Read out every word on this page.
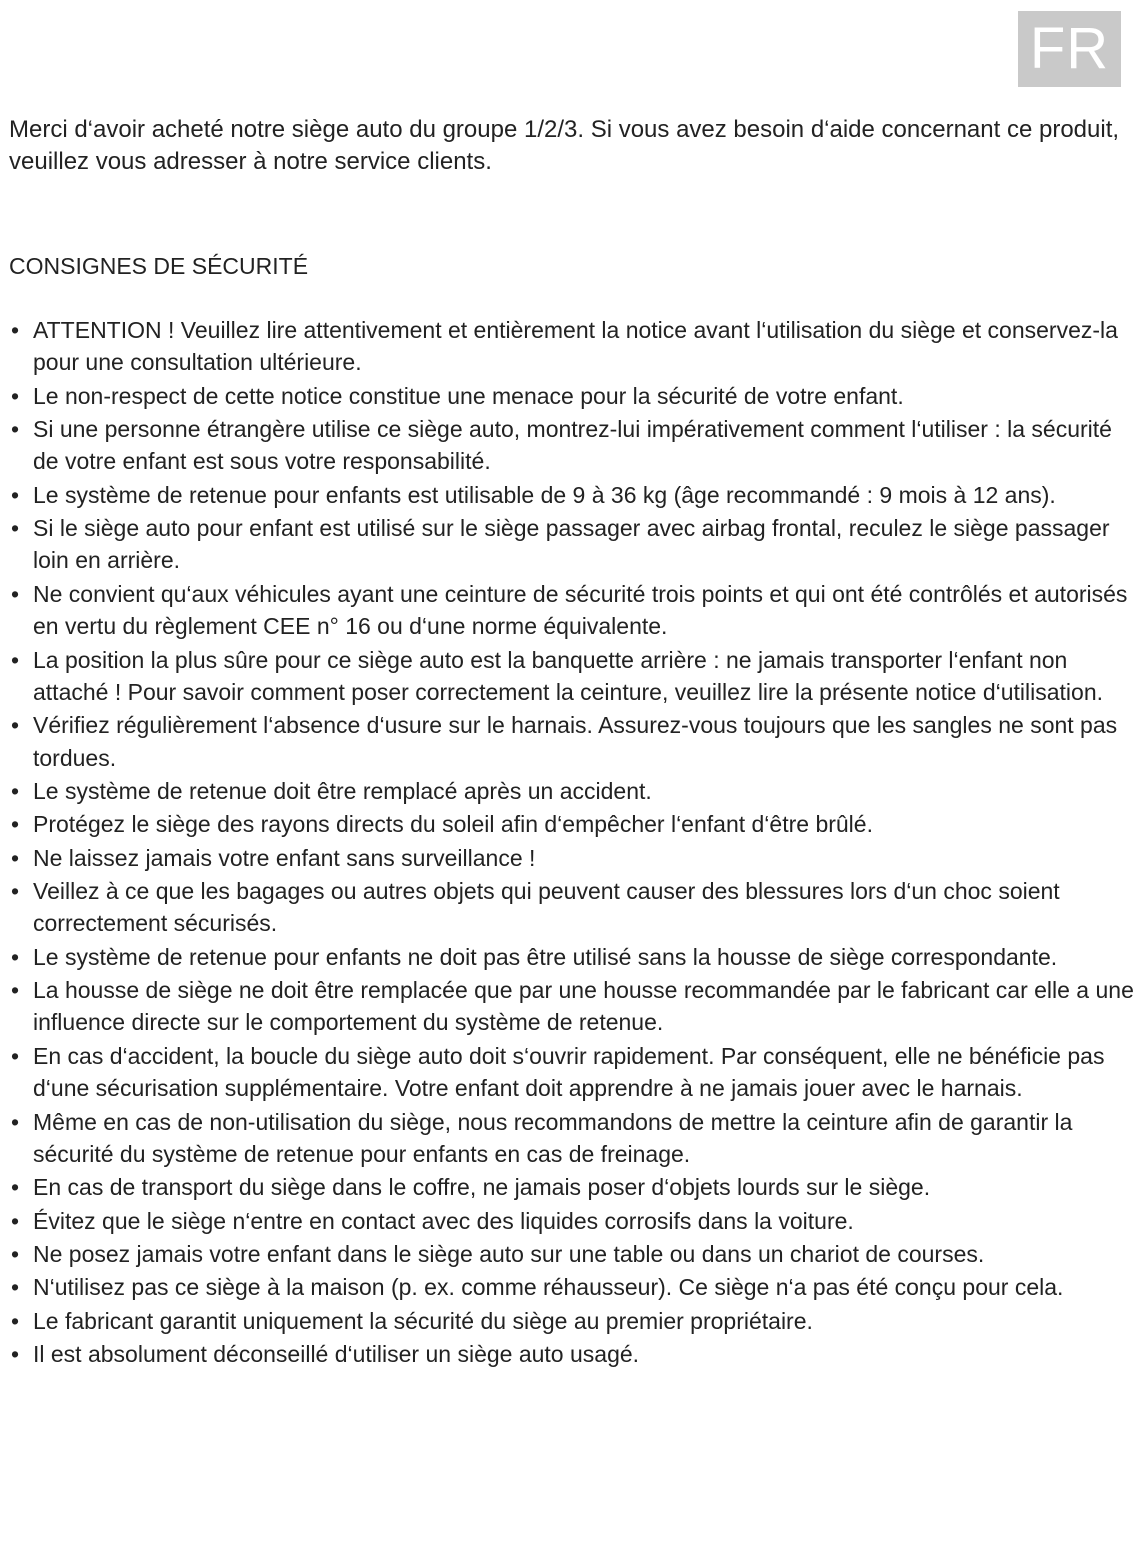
FR

Merci d‘avoir acheté notre siège auto du groupe 1/2/3. Si vous avez besoin d‘aide concernant ce produit, veuillez vous adresser à notre service clients.

CONSIGNES DE SÉCURITÉ
• ATTENTION ! Veuillez lire attentivement et entièrement la notice avant l‘utilisation du siège et conservez-la pour une consultation ultérieure.
• Le non-respect de cette notice constitue une menace pour la sécurité de votre enfant.
• Si une personne étrangère utilise ce siège auto, montrez-lui impérativement comment l‘utiliser : la sécurité de votre enfant est sous votre responsabilité.
• Le système de retenue pour enfants est utilisable de 9 à 36 kg (âge recommandé : 9 mois à 12 ans).
• Si le siège auto pour enfant est utilisé sur le siège passager avec airbag frontal, reculez le siège passager loin en arrière.
• Ne convient qu‘aux véhicules ayant une ceinture de sécurité trois points et qui ont été contrôlés et autorisés en vertu du règlement CEE n° 16 ou d‘une norme équivalente.
• La position la plus sûre pour ce siège auto est la banquette arrière : ne jamais transporter l‘enfant non attaché ! Pour savoir comment poser correctement la ceinture, veuillez lire la présente notice d‘utilisation.
• Vérifiez régulièrement l‘absence d‘usure sur le harnais. Assurez-vous toujours que les sangles ne sont pas tordues.
• Le système de retenue doit être remplacé après un accident.
• Protégez le siège des rayons directs du soleil afin d‘empêcher l‘enfant d‘être brûlé.
• Ne laissez jamais votre enfant sans surveillance !
• Veillez à ce que les bagages ou autres objets qui peuvent causer des blessures lors d‘un choc soient correctement sécurisés.
• Le système de retenue pour enfants ne doit pas être utilisé sans la housse de siège correspondante.
• La housse de siège ne doit être remplacée que par une housse recommandée par le fabricant car elle a une influence directe sur le comportement du système de retenue.
• En cas d‘accident, la boucle du siège auto doit s‘ouvrir rapidement. Par conséquent, elle ne bénéficie pas d‘une sécurisation supplémentaire. Votre enfant doit apprendre à ne jamais jouer avec le harnais.
• Même en cas de non-utilisation du siège, nous recommandons de mettre la ceinture afin de garantir la sécurité du système de retenue pour enfants en cas de freinage.
• En cas de transport du siège dans le coffre, ne jamais poser d‘objets lourds sur le siège.
• Évitez que le siège n‘entre en contact avec des liquides corrosifs dans la voiture.
• Ne posez jamais votre enfant dans le siège auto sur une table ou dans un chariot de courses.
• N‘utilisez pas ce siège à la maison (p. ex. comme réhausseur). Ce siège n‘a pas été conçu pour cela.
• Le fabricant garantit uniquement la sécurité du siège au premier propriétaire.
• Il est absolument déconseillé d‘utiliser un siège auto usagé.
